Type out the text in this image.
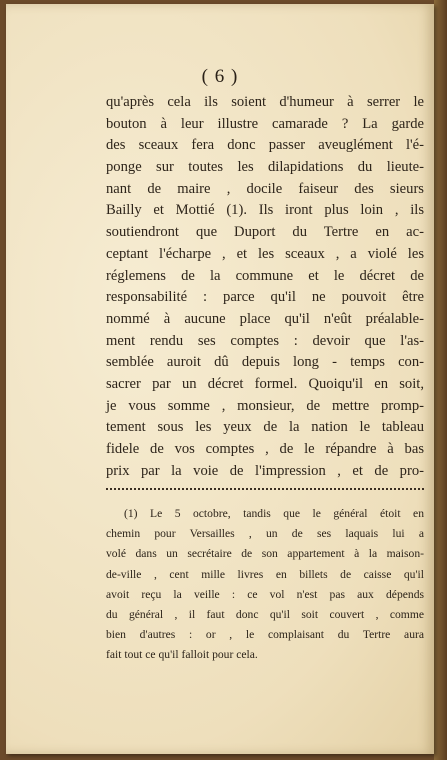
( 6 )
qu'après cela ils soient d'humeur à serrer le
bouton à leur illustre camarade ? La garde
des sceaux fera donc passer aveuglément l'é-
ponge sur toutes les dilapidations du lieute-
nant de maire , docile faiseur des sieurs
Bailly et Mottié (1). Ils iront plus loin , ils
soutiendront que Duport du Tertre en ac-
ceptant l'écharpe , et les sceaux , a violé les
réglemens de la commune et le décret de
responsabilité : parce qu'il ne pouvoit être
nommé à aucune place qu'il n'eût préalable-
ment rendu ses comptes : devoir que l'as-
semblée auroit dû depuis long - temps con-
sacrer par un décret formel. Quoiqu'il en soit,
je vous somme , monsieur, de mettre promp-
tement sous les yeux de la nation le tableau
fidele de vos comptes , de le répandre à bas
prix par la voie de l'impression , et de pro-
(1) Le 5 octobre, tandis que le général étoit en
chemin pour Versailles , un de ses laquais lui a
volé dans un secrétaire de son appartement à la maison-
de-ville , cent mille livres en billets de caisse qu'il
avoit reçu la veille : ce vol n'est pas aux dépends
du général , il faut donc qu'il soit couvert , comme
bien d'autres : or , le complaisant du Tertre aura
fait tout ce qu'il falloit pour cela.
